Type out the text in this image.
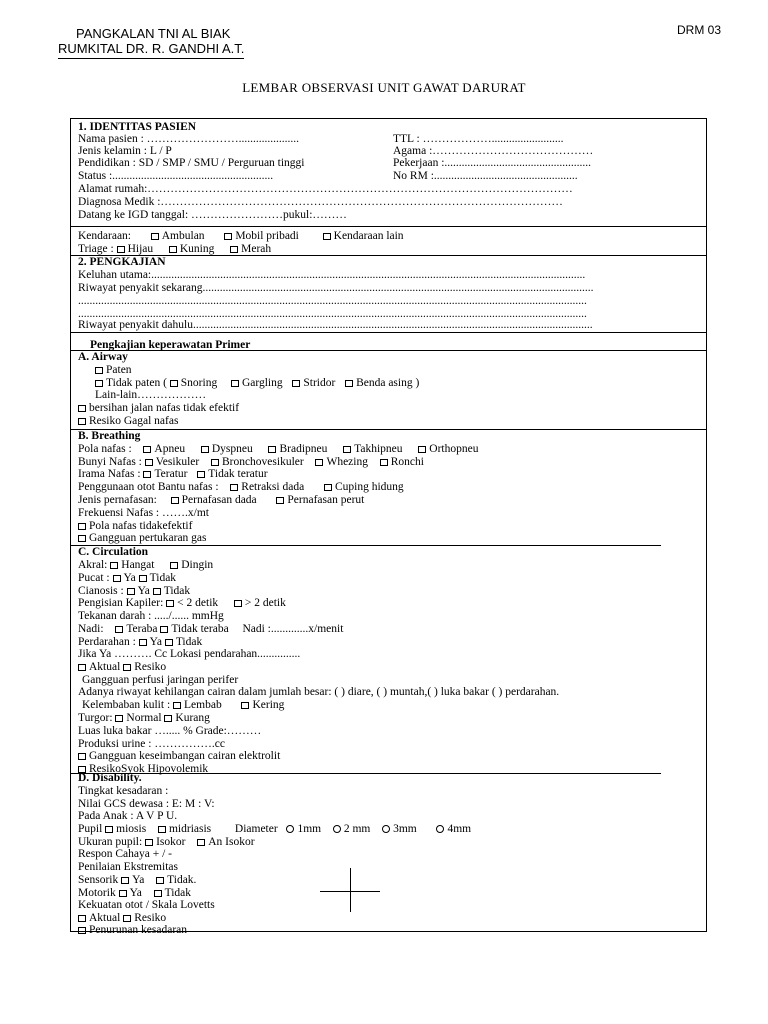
PANGKALAN TNI AL BIAK
RUMKITAL DR. R. GANDHI A.T.
DRM 03
LEMBAR OBSERVASI UNIT GAWAT DARURAT
1. IDENTITAS PASIEN
Nama pasien : …………………….....................	TTL : ……………….........................
Jenis kelamin : L / P	Agama :……………………………………
Pendidikan : SD / SMP / SMU / Perguruan tinggi	Pekerjaan :...................................................
Status :........................................................	No RM :..................................................
Alamat rumah:…………………………………………………………………………………………………
Diagnosa Medik :……………………………………………………………………………………………
Datang ke IGD tanggal: ……………………pukul:………
Kendaraan:	Ambulan	Mobil pribadi	Kendaraan lain
Triage : Hijau Kuning Merah
2. PENGKAJIAN
Keluhan utama:.......................................................................................................................................................
Riwayat penyakit sekarang........................................................................................................................................
.................................................................................................................................................................................
.................................................................................................................................................................................
Riwayat penyakit dahulu...........................................................................................................................................
Pengkajian keperawatan Primer
A. Airway
Paten
Tidak paten ( Snoring Gargling Stridor Benda asing )
Lain-lain………………
bersihan jalan nafas tidak efektif
Resiko Gagal nafas
B. Breathing
Pola nafas : Apneu Dyspneu Bradipneu Takhipneu Orthopneu
Bunyi Nafas : Vesikuler Bronchovesikuler Whezing Ronchi
Irama Nafas : Teratur Tidak teratur
Penggunaan otot Bantu nafas : Retraksi dada	Cuping hidung
Jenis pernafasan: Pernafasan dada	Pernafasan perut
Frekuensi Nafas : …….x/mt
Pola nafas tidakefektif
Gangguan pertukaran gas
C. Circulation
Akral: Hangat Dingin
Pucat : Ya Tidak
Cianosis : Ya Tidak
Pengisian Kapiler: < 2 detik > 2 detik
Tekanan darah : ...../...... mmHg
Nadi: Teraba Tidak teraba Nadi :.............x/menit
Perdarahan : Ya Tidak
Jika Ya ………. Cc Lokasi pendarahan...............
Aktual Resiko
Gangguan perfusi jaringan perifer
Adanya riwayat kehilangan cairan dalam jumlah besar: ( ) diare, ( ) muntah,( ) luka bakar ( ) perdarahan.
Kelembaban kulit : Lembab	Kering
Turgor: Normal Kurang
Luas luka bakar …..... % Grade:………
Produksi urine : …………….cc
Gangguan keseimbangan cairan elektrolit
ResikoSyok Hipovolemik
D. Disability.
Tingkat kesadaran :
Nilai GCS dewasa : E: M : V:
Pada Anak : A V P U.
Pupil miosis midriasis Diameter 1mm 2 mm 3mm	4mm
Ukuran pupil: Isokor An Isokor
Respon Cahaya + / -
Penilaian Ekstremitas
Sensorik Ya Tidak.
Motorik Ya Tidak
Kekuatan otot / Skala Lovetts
Aktual Resiko
Penurunan kesadaran
